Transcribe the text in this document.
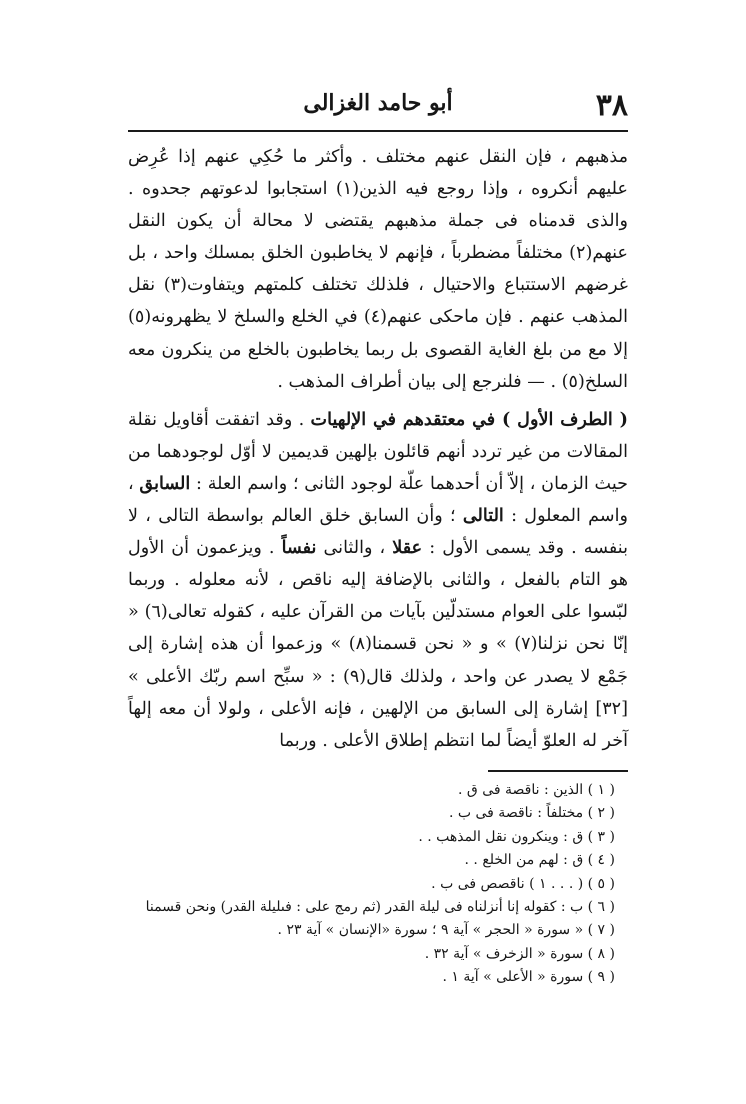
٣٨
أبو حامد الغزالى

مذهبهم ، فإن النقل عنهم مختلف . وأكثر ما حُكِي عنهم إذا عُرِض عليهم أنكروه ، وإذا روجع فيه الذين(١) استجابوا لدعوتهم جحدوه . والذى قدمناه فى جملة مذهبهم يقتضى لا محالة أن يكون النقل عنهم(٢) مختلفاً مضطرباً ، فإنهم لا يخاطبون الخلق بمسلك واحد ، بل غرضهم الاستتباع والاحتيال ، فلذلك تختلف كلمتهم ويتفاوت(٣) نقل المذهب عنهم . فإن ماحكى عنهم(٤) في الخلع والسلخ لا يظهرونه(٥) إلا مع من بلغ الغاية القصوى بل ربما يخاطبون بالخلع من ينكرون معه السلخ(٥) . — فلنرجع إلى بيان أطراف المذهب .

( الطرف الأول ) في معتقدهم في الإلهيات . وقد اتفقت أقاويل نقلة المقالات من غير تردد أنهم قائلون بإلهين قديمين لا أوّل لوجودهما من حيث الزمان ، إلاّ أن أحدهما علّة لوجود الثانى ؛ واسم العلة : السابق ، واسم المعلول : التالى ؛ وأن السابق خلق العالم بواسطة التالى ، لا بنفسه . وقد يسمى الأول : عقلا ، والثانى نفساً . ويزعمون أن الأول هو التام بالفعل ، والثانى بالإضافة إليه ناقص ، لأنه معلوله . وربما لبّسوا على العوام مستدلّين بآيات من القرآن عليه ، كقوله تعالى(٦) « إنّا نحن نزلنا(٧) » و « نحن قسمنا(٨) » وزعموا أن هذه إشارة إلى جَمْع لا يصدر عن واحد ، ولذلك قال(٩) : « سبِّح اسم ربّك الأعلى » [٣٢] إشارة إلى السابق من الإلهين ، فإنه الأعلى ، ولولا أن معه إلهاً آخر له العلوّ أيضاً لما انتظم إطلاق الأعلى . وربما

( ١ ) الذين : ناقصة فى ق .
( ٢ ) مختلفاً : ناقصة فى ب .
( ٣ ) ق : وينكرون نقل المذهب . .
( ٤ ) ق : لهم من الخلع . .
( ٥ ) ( . . . ١ ) ناقصص فى ب .
( ٦ ) ب : كقوله إنا أنزلناه فى ليلة القدر (ثم رمج على : فىليلة القدر) ونحن قسمنا
( ٧ ) « سورة « الحجر » آية ٩ ؛ سورة «الإنسان » آية ٢٣ .
( ٨ ) سورة « الزخرف » آية ٣٢ .
( ٩ ) سورة « الأعلى » آية ١ .
